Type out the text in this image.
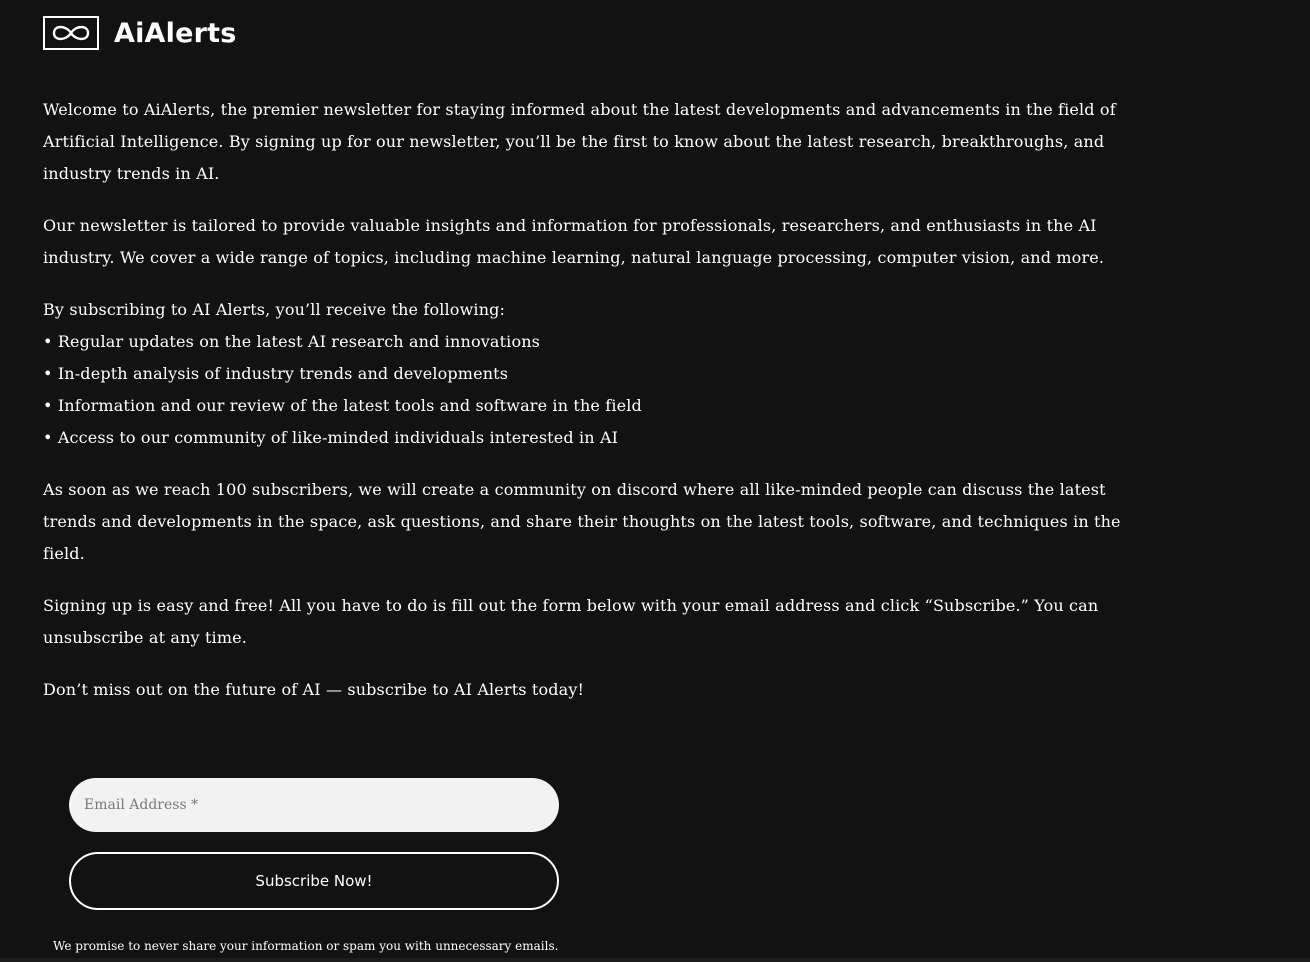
AiAlerts

Welcome to AiAlerts, the premier newsletter for staying informed about the latest developments and advancements in the field of Artificial Intelligence. By signing up for our newsletter, you’ll be the first to know about the latest research, breakthroughs, and industry trends in AI.

Our newsletter is tailored to provide valuable insights and information for professionals, researchers, and enthusiasts in the AI industry. We cover a wide range of topics, including machine learning, natural language processing, computer vision, and more.

By subscribing to AI Alerts, you’ll receive the following:
• Regular updates on the latest AI research and innovations
• In-depth analysis of industry trends and developments
• Information and our review of the latest tools and software in the field
• Access to our community of like-minded individuals interested in AI

As soon as we reach 100 subscribers, we will create a community on discord where all like-minded people can discuss the latest trends and developments in the space, ask questions, and share their thoughts on the latest tools, software, and techniques in the field.

Signing up is easy and free! All you have to do is fill out the form below with your email address and click “Subscribe.” You can unsubscribe at any time.

Don’t miss out on the future of AI — subscribe to AI Alerts today!

Email Address *
Subscribe Now!
We promise to never share your information or spam you with unnecessary emails.
